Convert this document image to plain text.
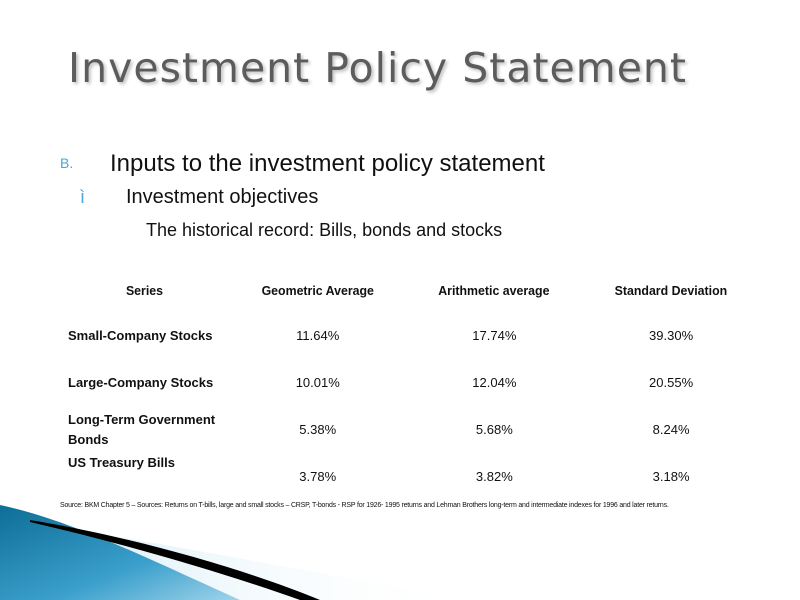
Investment Policy Statement
B. Inputs to the investment policy statement
ì Investment objectives
The historical record: Bills, bonds and stocks
Series	Geometric Average	Arithmetic average	Standard Deviation
Small-Company Stocks	11.64%	17.74%	39.30%
Large-Company Stocks	10.01%	12.04%	20.55%
Long-Term Government Bonds	5.38%	5.68%	8.24%
US Treasury Bills	3.78%	3.82%	3.18%
Source: BKM Chapter 5 – Sources: Returns on T-bills, large and small stocks – CRSP, T-bonds - RSP for 1926- 1995 returns and Lehman Brothers long-term and intermediate indexes for 1996 and later returns.
